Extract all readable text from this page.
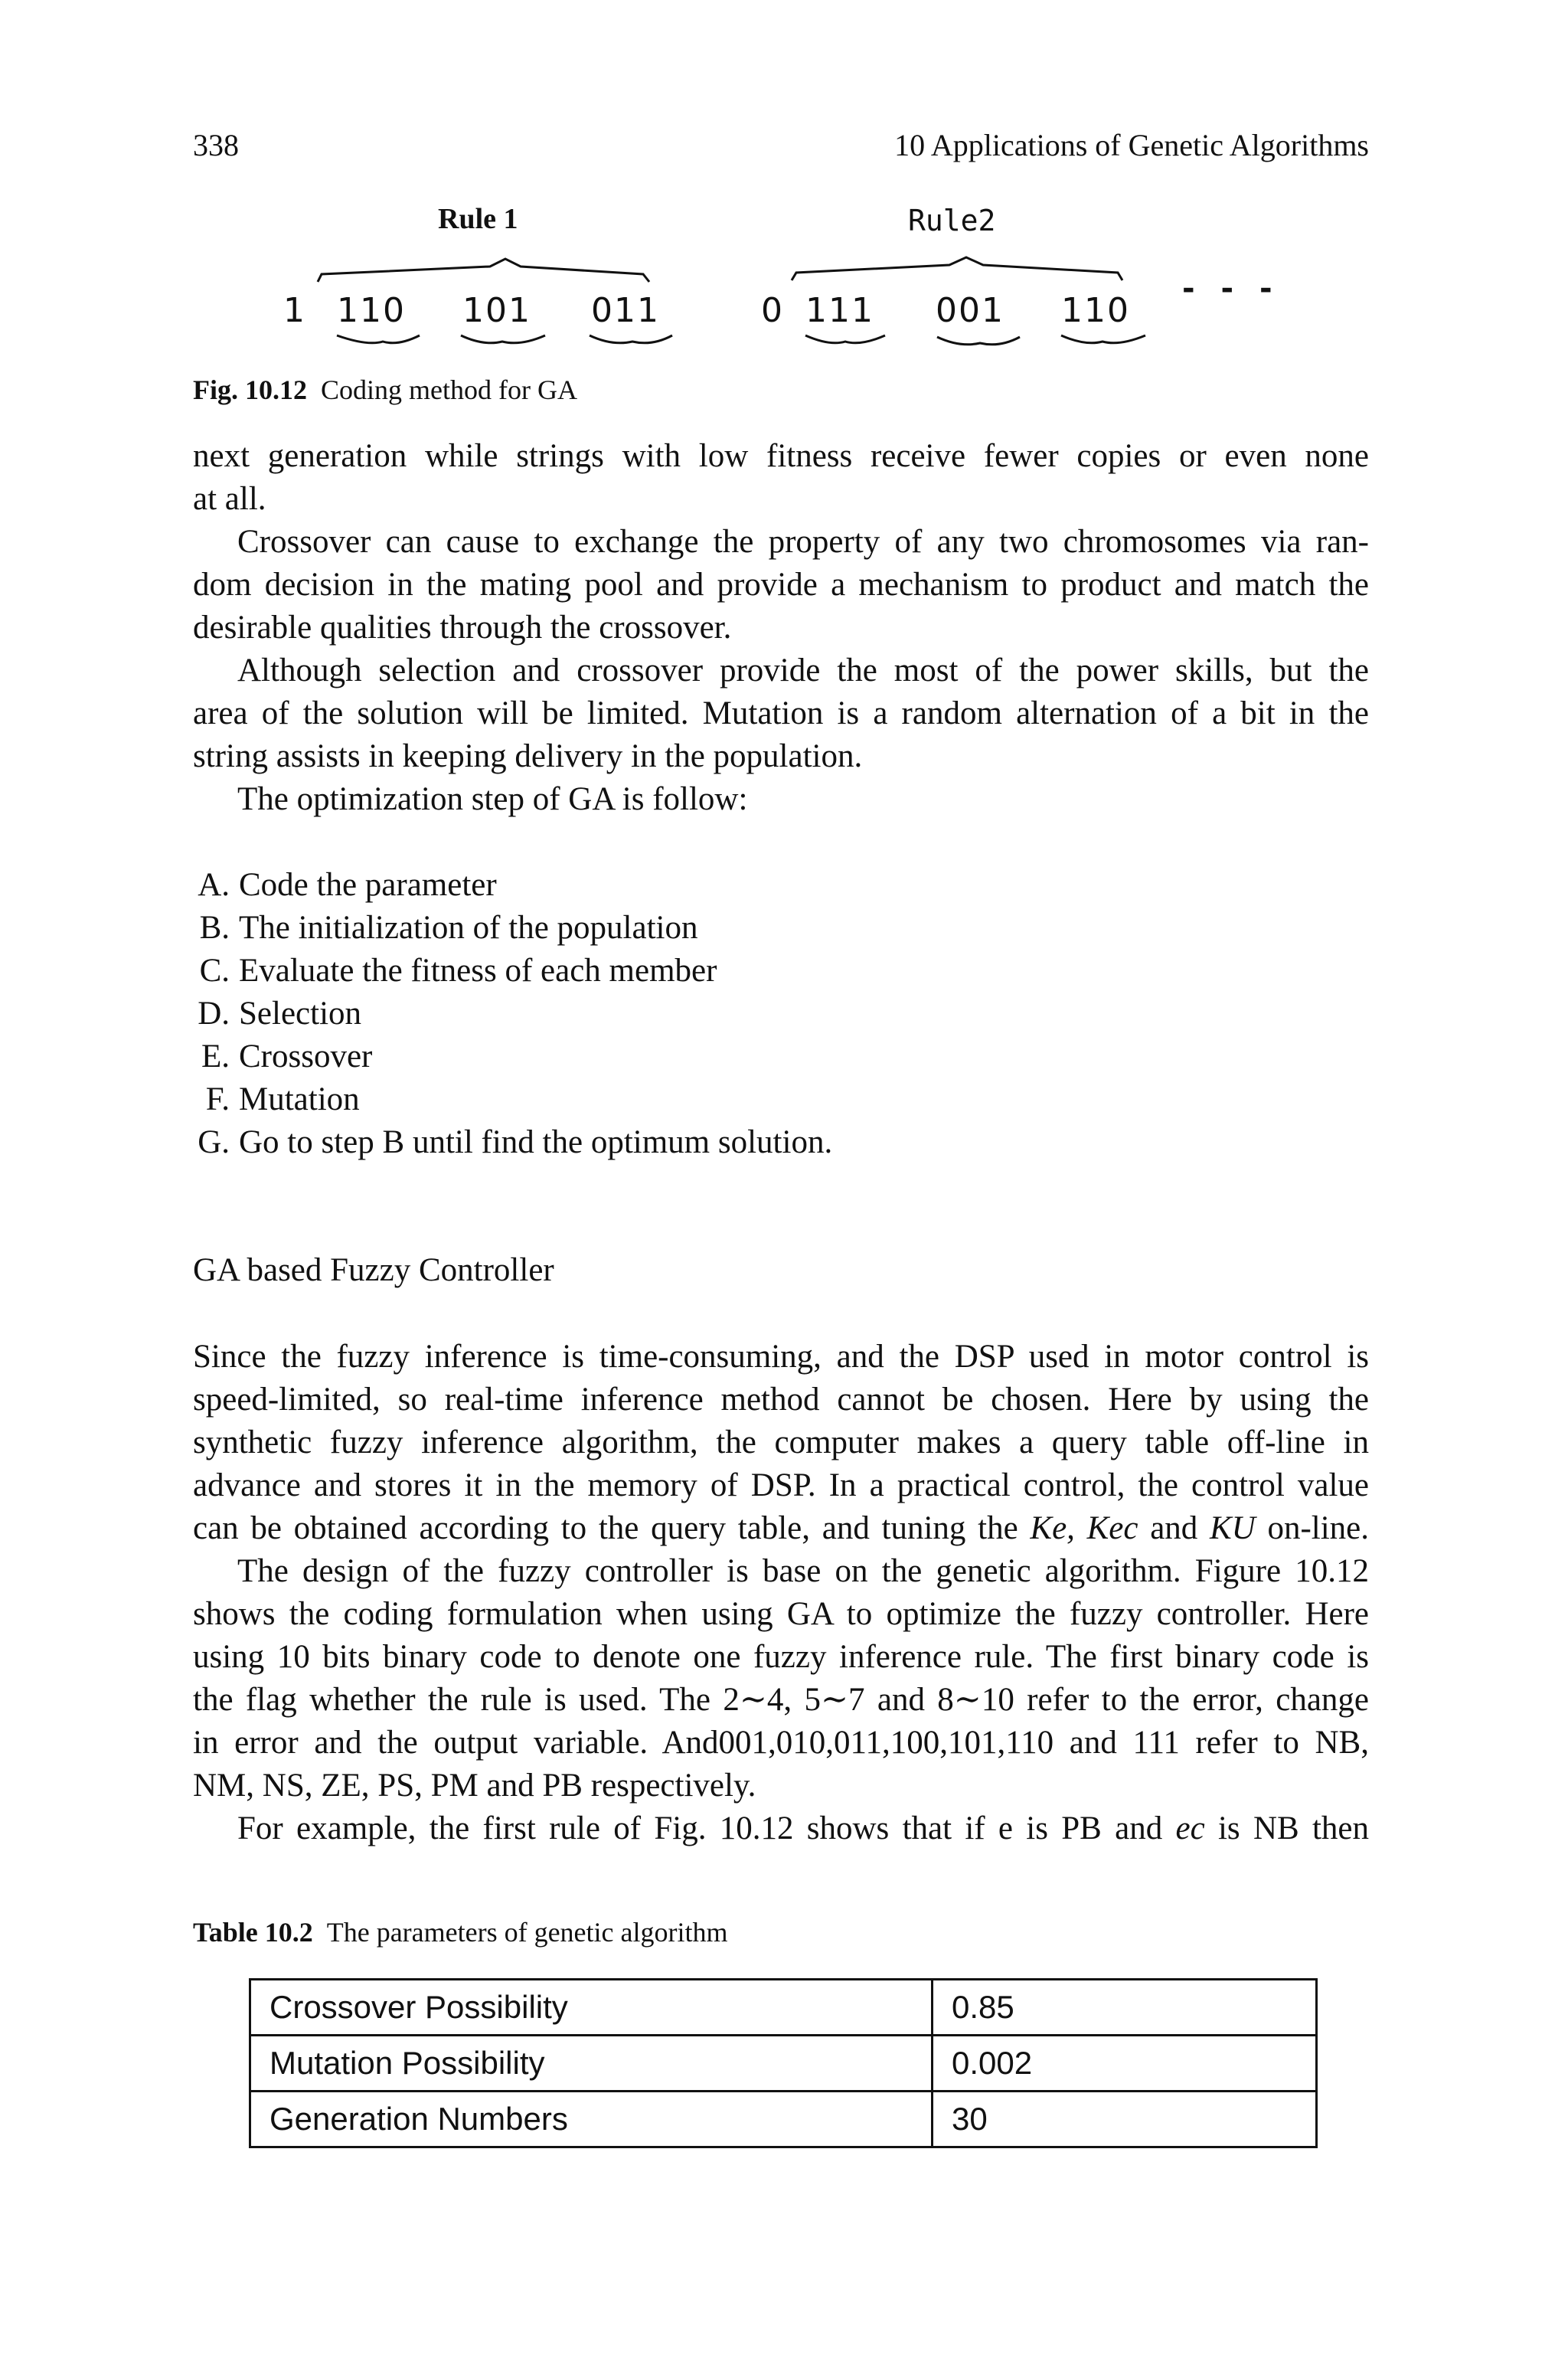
338	10 Applications of Genetic Algorithms
Rule 1	Rule2
1 110 101 011	0 111 001 110
- - -
Fig. 10.12 Coding method for GA
next generation while strings with low fitness receive fewer copies or even none
at all.
Crossover can cause to exchange the property of any two chromosomes via ran-
dom decision in the mating pool and provide a mechanism to product and match the
desirable qualities through the crossover.
Although selection and crossover provide the most of the power skills, but the
area of the solution will be limited. Mutation is a random alternation of a bit in the
string assists in keeping delivery in the population.
The optimization step of GA is follow:
A. Code the parameter
B. The initialization of the population
C. Evaluate the fitness of each member
D. Selection
E. Crossover
F. Mutation
G. Go to step B until find the optimum solution.
GA based Fuzzy Controller
Since the fuzzy inference is time-consuming, and the DSP used in motor control is
speed-limited, so real-time inference method cannot be chosen. Here by using the
synthetic fuzzy inference algorithm, the computer makes a query table off-line in
advance and stores it in the memory of DSP. In a practical control, the control value
can be obtained according to the query table, and tuning the Ke, Kec and KU on-line.
The design of the fuzzy controller is base on the genetic algorithm. Figure 10.12
shows the coding formulation when using GA to optimize the fuzzy controller. Here
using 10 bits binary code to denote one fuzzy inference rule. The first binary code is
the flag whether the rule is used. The 2∼4, 5∼7 and 8∼10 refer to the error, change
in error and the output variable. And001,010,011,100,101,110 and 111 refer to NB,
NM, NS, ZE, PS, PM and PB respectively.
For example, the first rule of Fig. 10.12 shows that if e is PB and ec is NB then
Table 10.2 The parameters of genetic algorithm
Crossover Possibility	0.85
Mutation Possibility	0.002
Generation Numbers	30
